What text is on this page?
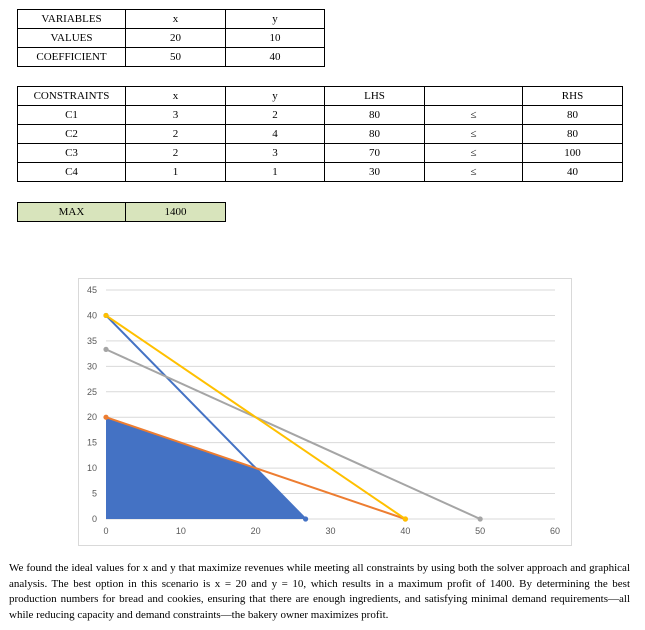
VARIABLES	x	y
VALUES	20	10
COEFFICIENT	50	40
CONSTRAINTS	x	y	LHS		RHS
C1	3	2	80	≤	80
C2	2	4	80	≤	80
C3	2	3	70	≤	100
C4	1	1	30	≤	40
MAX	1400
0
5
10
15
20
25
30
35
40
45
0	10	20	30	40	50	60

We found the ideal values for x and y that maximize revenues while meeting all constraints by using both the solver approach and graphical analysis. The best option in this scenario is x = 20 and y = 10, which results in a maximum profit of 1400. By determining the best production numbers for bread and cookies, ensuring that there are enough ingredients, and satisfying minimal demand requirements—all while reducing capacity and demand constraints—the bakery owner maximizes profit.
